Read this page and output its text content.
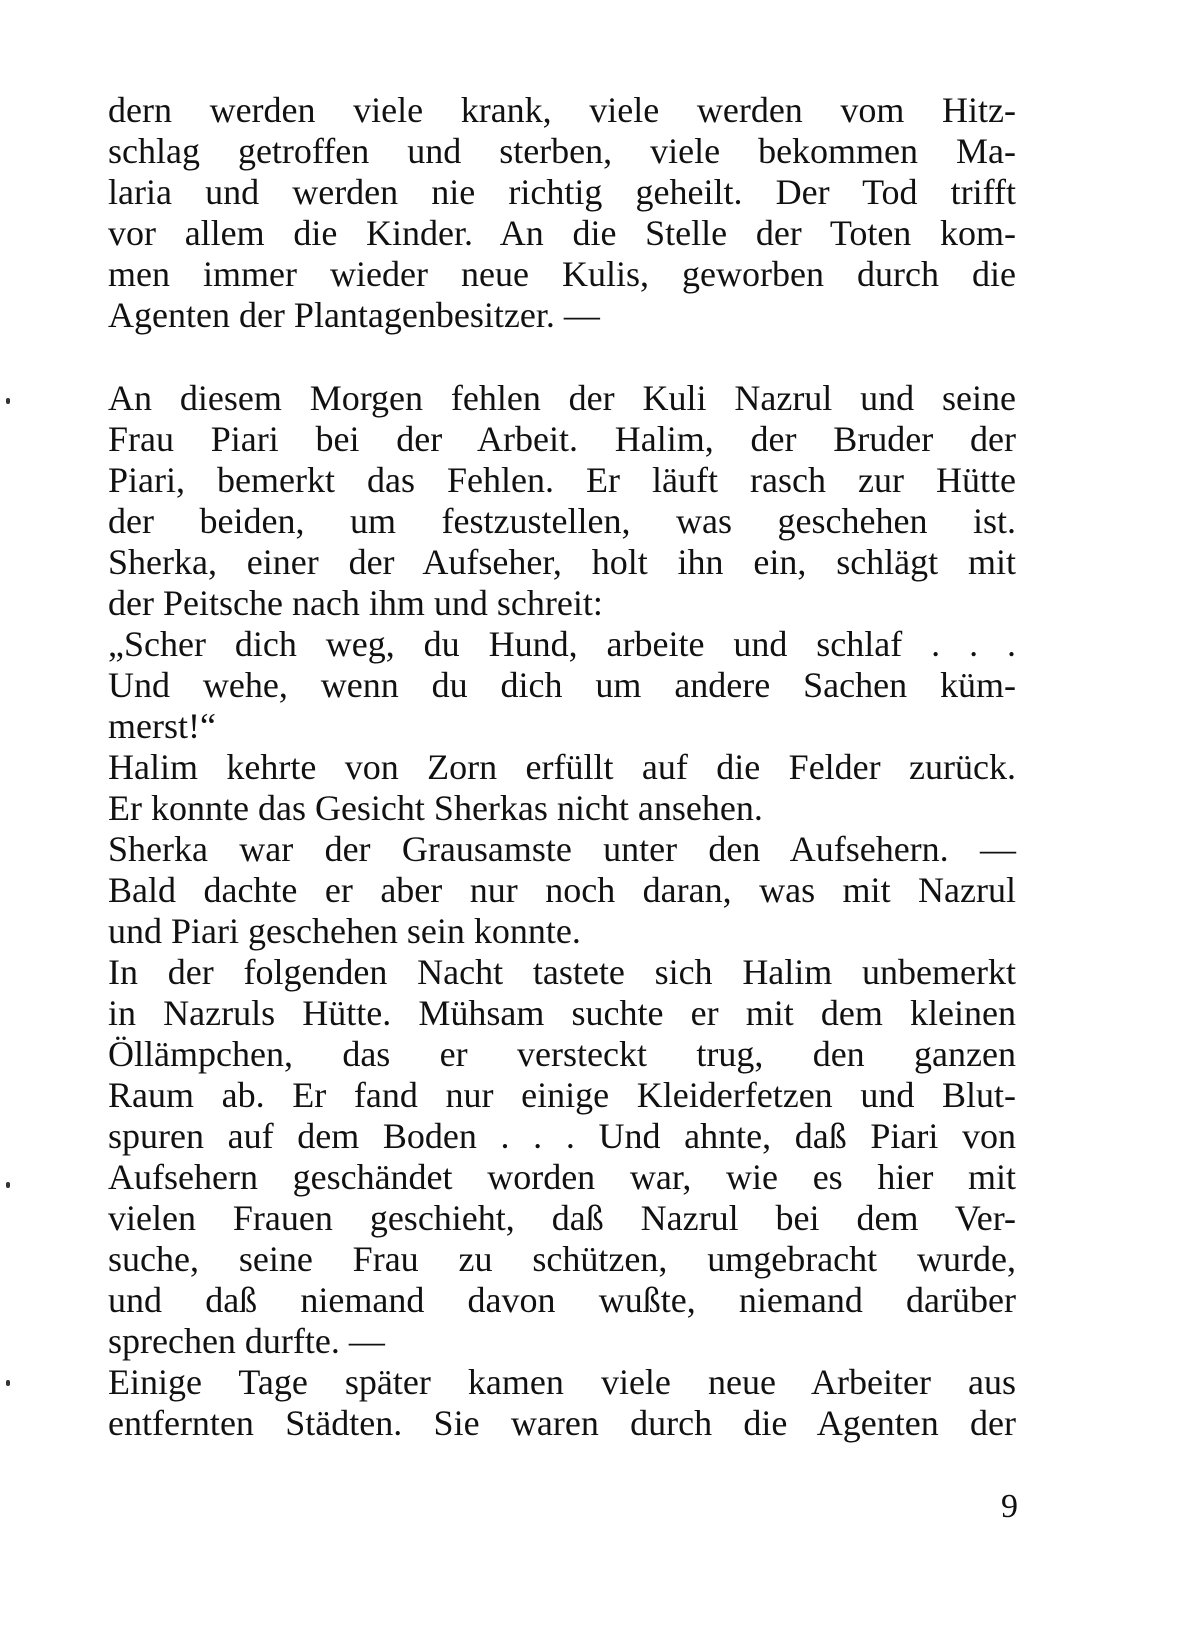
dern werden viele krank, viele werden vom Hitz-
schlag getroffen und sterben, viele bekommen Ma-
laria und werden nie richtig geheilt. Der Tod trifft
vor allem die Kinder. An die Stelle der Toten kom-
men immer wieder neue Kulis, geworben durch die
Agenten der Plantagenbesitzer. —
An diesem Morgen fehlen der Kuli Nazrul und seine
Frau Piari bei der Arbeit. Halim, der Bruder der
Piari, bemerkt das Fehlen. Er läuft rasch zur Hütte
der beiden, um festzustellen, was geschehen ist.
Sherka, einer der Aufseher, holt ihn ein, schlägt mit
der Peitsche nach ihm und schreit:
„Scher dich weg, du Hund, arbeite und schlaf . . .
Und wehe, wenn du dich um andere Sachen küm-
merst!“
Halim kehrte von Zorn erfüllt auf die Felder zurück.
Er konnte das Gesicht Sherkas nicht ansehen.
Sherka war der Grausamste unter den Aufsehern. —
Bald dachte er aber nur noch daran, was mit Nazrul
und Piari geschehen sein konnte.
In der folgenden Nacht tastete sich Halim unbemerkt
in Nazruls Hütte. Mühsam suchte er mit dem kleinen
Öllämpchen, das er versteckt trug, den ganzen
Raum ab. Er fand nur einige Kleiderfetzen und Blut-
spuren auf dem Boden . . . Und ahnte, daß Piari von
Aufsehern geschändet worden war, wie es hier mit
vielen Frauen geschieht, daß Nazrul bei dem Ver-
suche, seine Frau zu schützen, umgebracht wurde,
und daß niemand davon wußte, niemand darüber
sprechen durfte. —
Einige Tage später kamen viele neue Arbeiter aus
entfernten Städten. Sie waren durch die Agenten der
9
